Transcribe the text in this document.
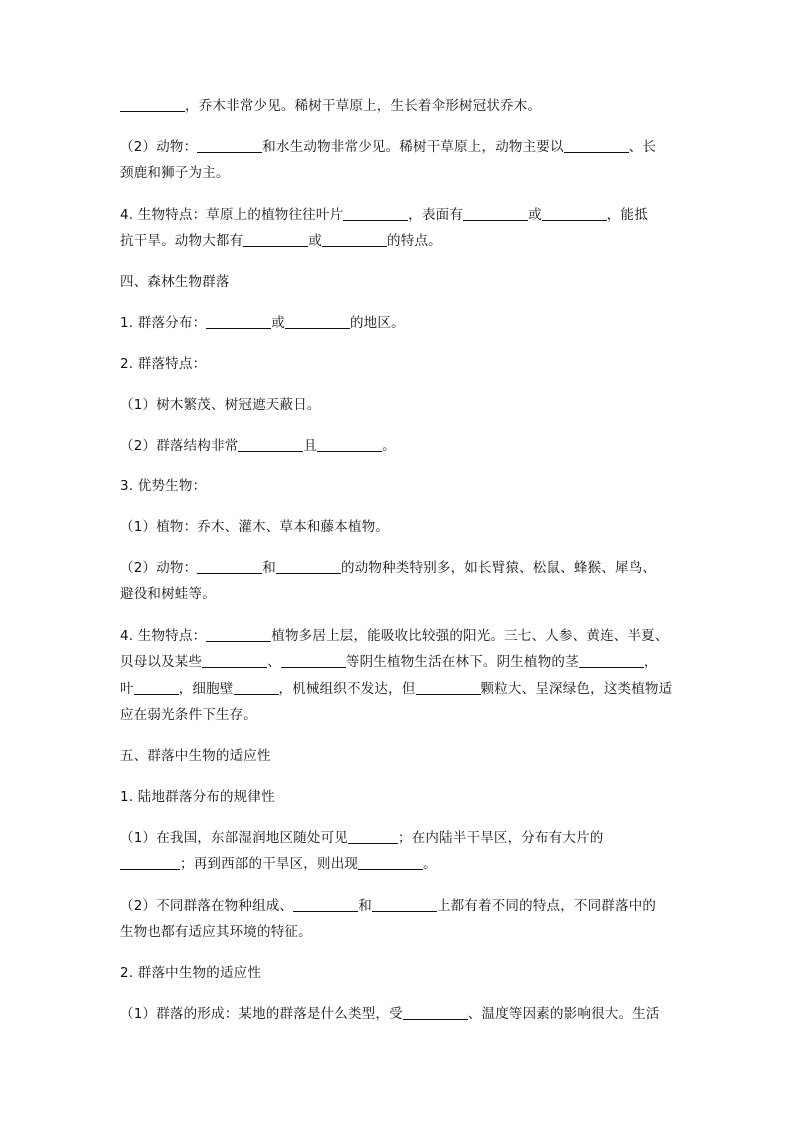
，乔木非常少见。稀树干草原上，生长着伞形树冠状乔木。
（2）动物：	和水生动物非常少见。稀树干草原上，动物主要以	、长
颈鹿和狮子为主。
4. 生物特点：草原上的植物往往叶片	，表面有	或	，能抵
抗干旱。动物大都有	或	的特点。
四、森林生物群落
1. 群落分布：	或	的地区。
2. 群落特点：
（1）树木繁茂、树冠遮天蔽日。
（2）群落结构非常	且	。
3. 优势生物：
（1）植物：乔木、灌木、草本和藤本植物。
（2）动物：	和	的动物种类特别多，如长臂猿、松鼠、蜂猴、犀鸟、
避役和树蛙等。
4. 生物特点：	植物多居上层，能吸收比较强的阳光。三七、人参、黄连、半夏、
贝母以及某些	、	等阴生植物生活在林下。阴生植物的茎	，
叶	，细胞壁	，机械组织不发达，但	颗粒大、呈深绿色，这类植物适
应在弱光条件下生存。
五、群落中生物的适应性
1. 陆地群落分布的规律性
（1）在我国，东部湿润地区随处可见	；在内陆半干旱区，分布有大片的
；再到西部的干旱区，则出现	。
（2）不同群落在物种组成、	和	上都有着不同的特点，不同群落中的
生物也都有适应其环境的特征。
2. 群落中生物的适应性
（1）群落的形成：某地的群落是什么类型，受	、温度等因素的影响很大。生活
